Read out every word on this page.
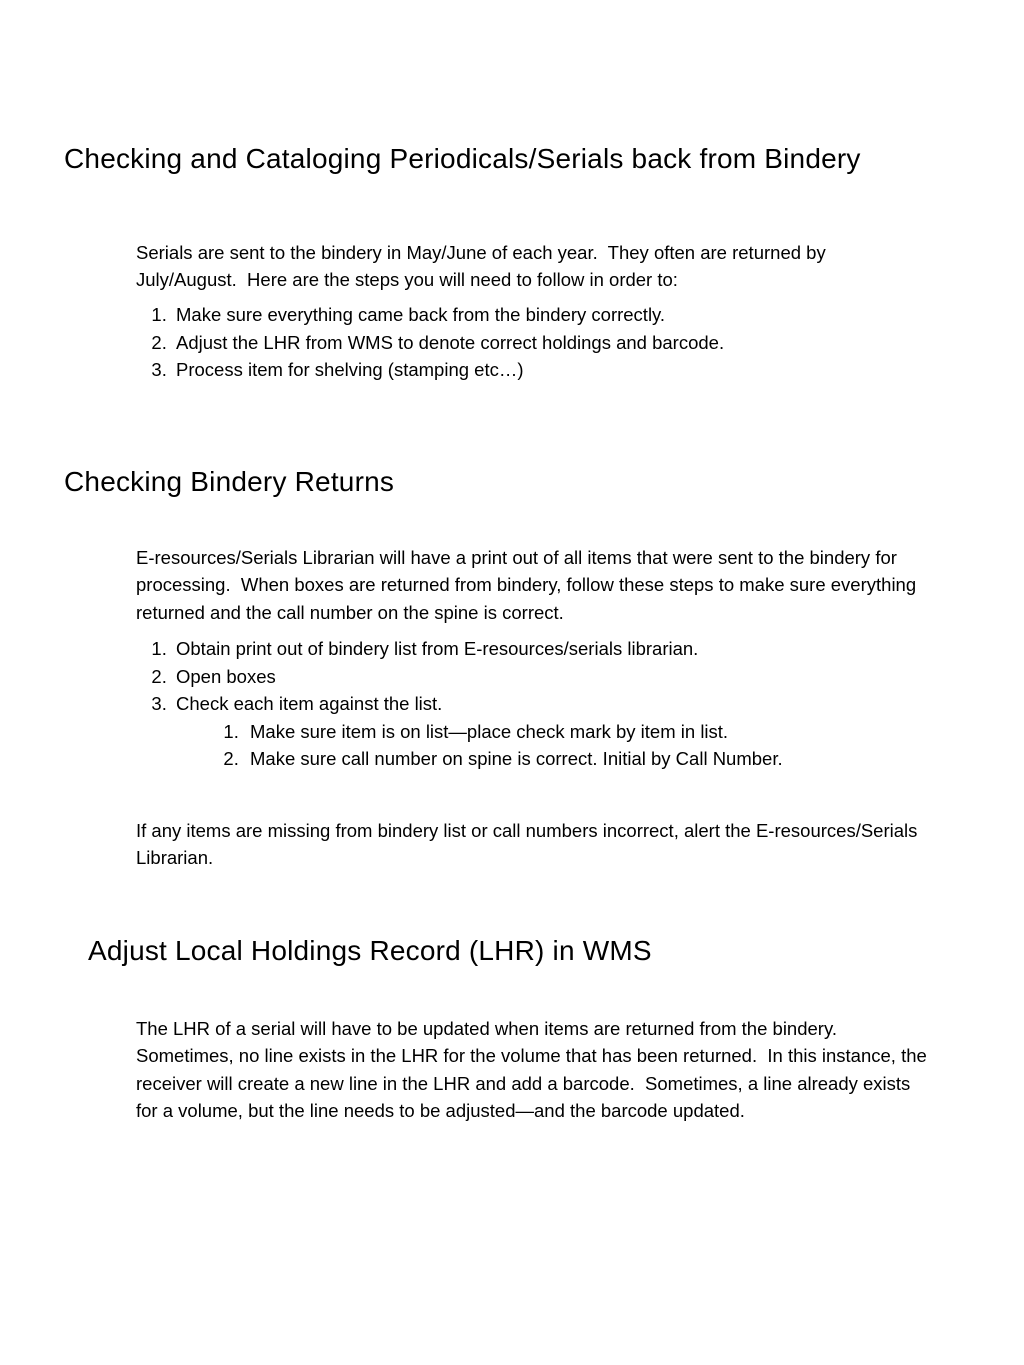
Checking and Cataloging Periodicals/Serials back from Bindery

Serials are sent to the bindery in May/June of each year.  They often are returned by July/August.  Here are the steps you will need to follow in order to:

1. Make sure everything came back from the bindery correctly.
2. Adjust the LHR from WMS to denote correct holdings and barcode.
3. Process item for shelving (stamping etc…)
Checking Bindery Returns

E-resources/Serials Librarian will have a print out of all items that were sent to the bindery for processing.  When boxes are returned from bindery, follow these steps to make sure everything returned and the call number on the spine is correct.

1. Obtain print out of bindery list from E-resources/serials librarian.
2. Open boxes
3. Check each item against the list.
1. Make sure item is on list—place check mark by item in list.
2. Make sure call number on spine is correct. Initial by Call Number.

If any items are missing from bindery list or call numbers incorrect, alert the E-resources/Serials Librarian.

Adjust Local Holdings Record (LHR) in WMS

The LHR of a serial will have to be updated when items are returned from the bindery.  Sometimes, no line exists in the LHR for the volume that has been returned.  In this instance, the receiver will create a new line in the LHR and add a barcode.  Sometimes, a line already exists for a volume, but the line needs to be adjusted—and the barcode updated.
